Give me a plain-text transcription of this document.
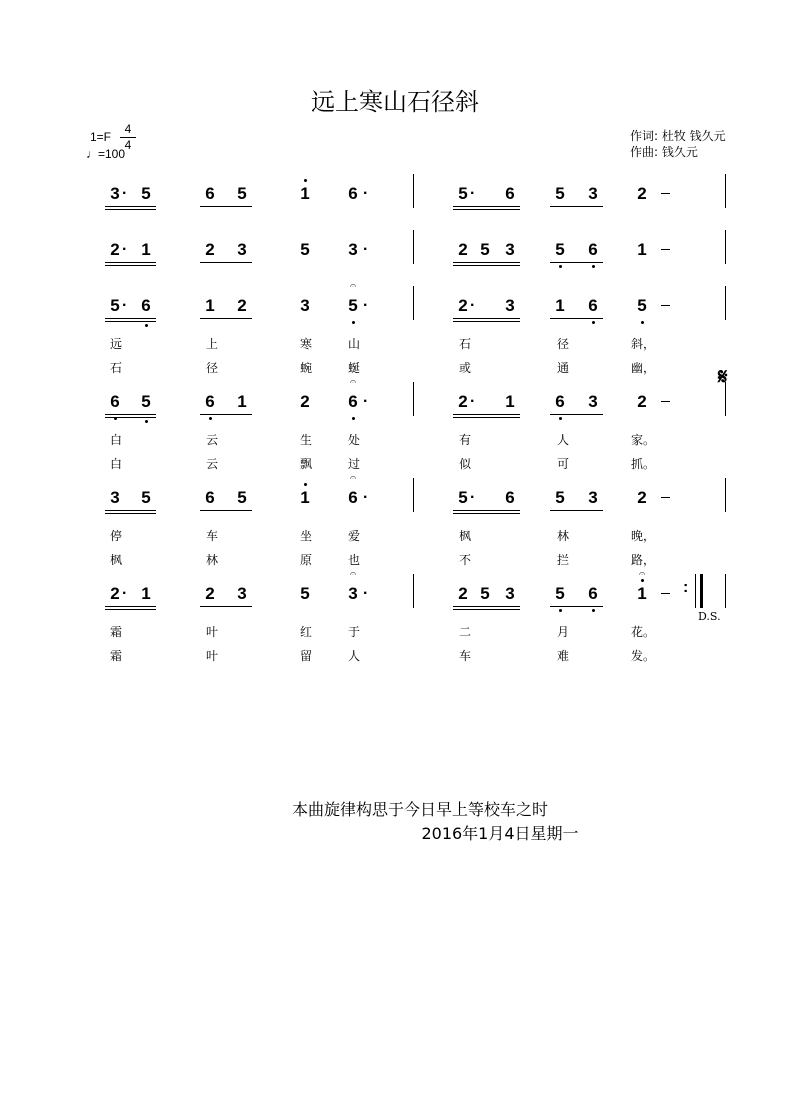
远上寒山石径斜
1=F
4
4
♩=100
作词: 杜牧 钱久元
作曲: 钱久元
3	5	6	5	1	6 ·	5	6	5	3	2
·	·
2	1	2	3	5	3 ·	2 5 3	5	6	1
·
5	6	1	2	3	5 ·
𝄐
2	3	1	6	5
·	·
6	5	6	1	2	6 ·
𝄐
2	1	6	3	2
·
3	5	6	5	1	6 ·
𝄐
5	6	5	3	2
·
2	1	2	3	5	3 ·
𝄐
2 5 3	5	6	1
𝄐
·	:
𝄋
D.S.
本曲旋律构思于今日早上等校车之时
2016年1月4日星期一
远	上	寒	山	石	径	斜，
石	径	蜿	蜒	或	通	幽，
白	云	生	处	有	人	家。
白	云	飘	过	似	可	抓。
停	车	坐	爱	枫	林	晚，
枫	林	原	也	不	拦	路，
霜	叶	红	于	二	月	花。
霜	叶	留	人	车	难	发。
